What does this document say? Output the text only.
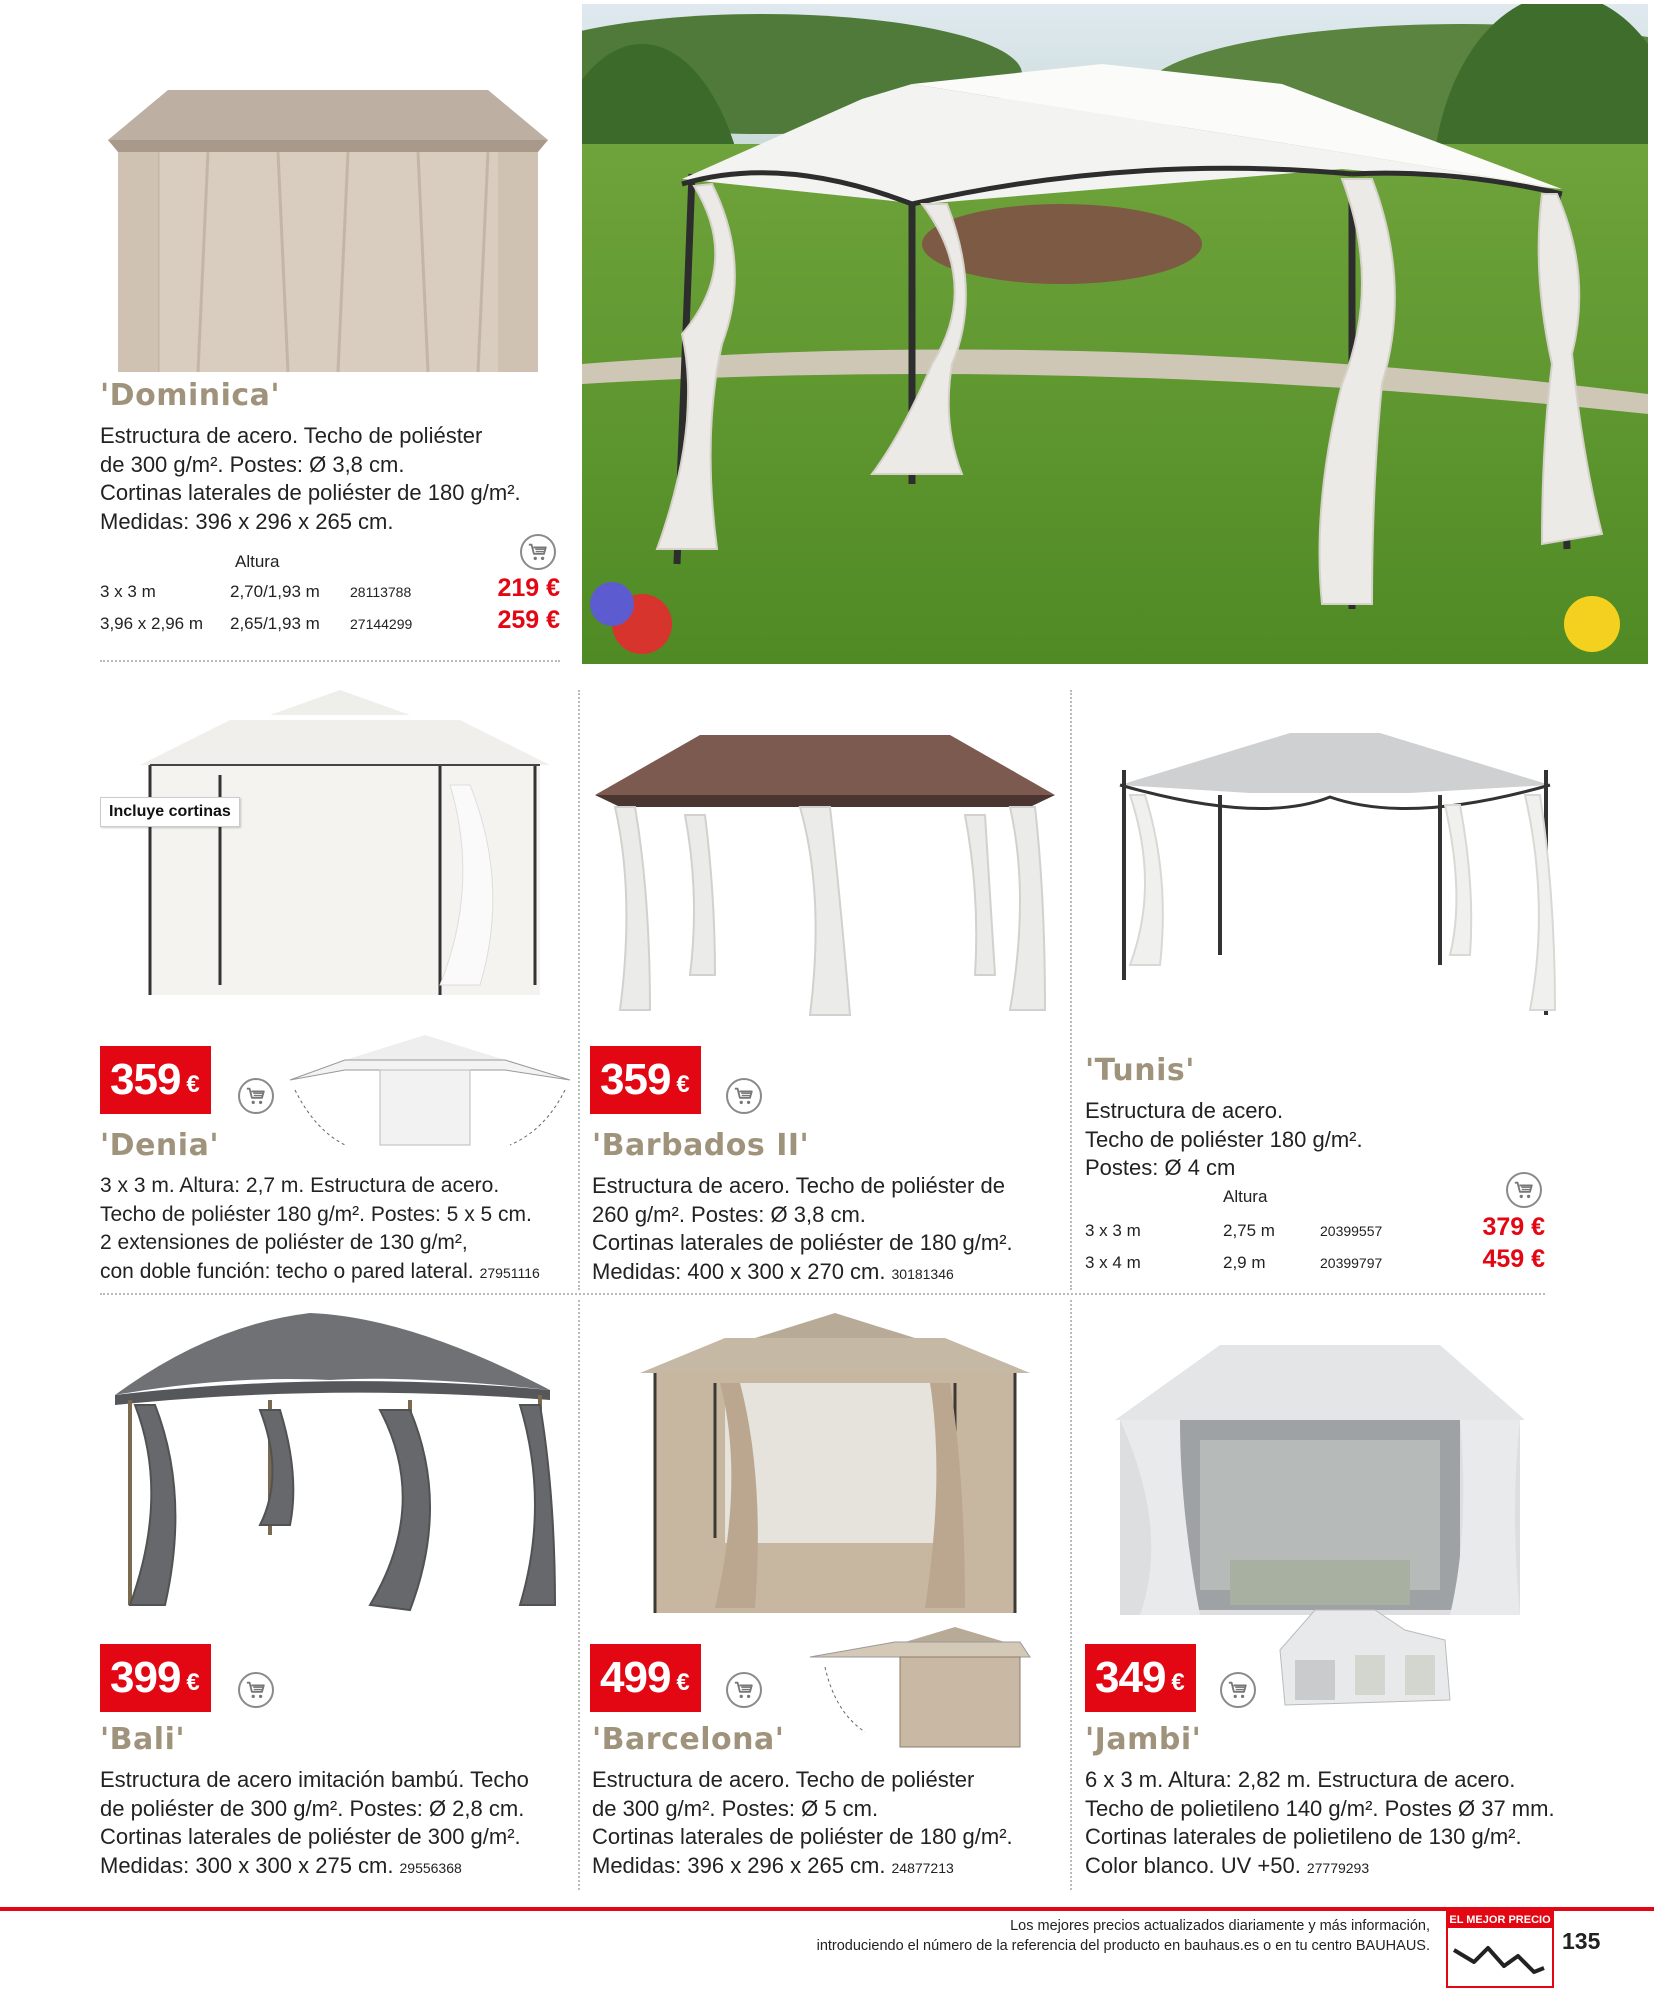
'Dominica'
Estructura de acero. Techo de poliéster
de 300 g/m². Postes: Ø 3,8 cm.
Cortinas laterales de poliéster de 180 g/m².
Medidas: 396 x 296 x 265 cm.
Altura
3 x 3 m	2,70/1,93 m 28113788	219 €
3,96 x 2,96 m 2,65/1,93 m 27144299	259 €
Incluye cortinas
359 €
'Denia'
3 x 3 m. Altura: 2,7 m. Estructura de acero.
Techo de poliéster 180 g/m². Postes: 5 x 5 cm.
2 extensiones de poliéster de 130 g/m²,
con doble función: techo o pared lateral. 27951116
359 €
'Barbados II'
Estructura de acero. Techo de poliéster de
260 g/m². Postes: Ø 3,8 cm.
Cortinas laterales de poliéster de 180 g/m².
Medidas: 400 x 300 x 270 cm. 30181346
'Tunis'
Estructura de acero.
Techo de poliéster 180 g/m².
Postes: Ø 4 cm
Altura
3 x 3 m	2,75 m	20399557	379 €
3 x 4 m	2,9 m	20399797	459 €
399 €
'Bali'
Estructura de acero imitación bambú. Techo
de poliéster de 300 g/m². Postes: Ø 2,8 cm.
Cortinas laterales de poliéster de 300 g/m².
Medidas: 300 x 300 x 275 cm. 29556368
499 €
'Barcelona'
Estructura de acero. Techo de poliéster
de 300 g/m². Postes: Ø 5 cm.
Cortinas laterales de poliéster de 180 g/m².
Medidas: 396 x 296 x 265 cm. 24877213
349 €
'Jambi'
6 x 3 m. Altura: 2,82 m. Estructura de acero.
Techo de polietileno 140 g/m². Postes Ø 37 mm.
Cortinas laterales de polietileno de 130 g/m².
Color blanco. UV +50. 27779293
Los mejores precios actualizados diariamente y más información,
introduciendo el número de la referencia del producto en bauhaus.es o en tu centro BAUHAUS.
EL MEJOR PRECIO
135
